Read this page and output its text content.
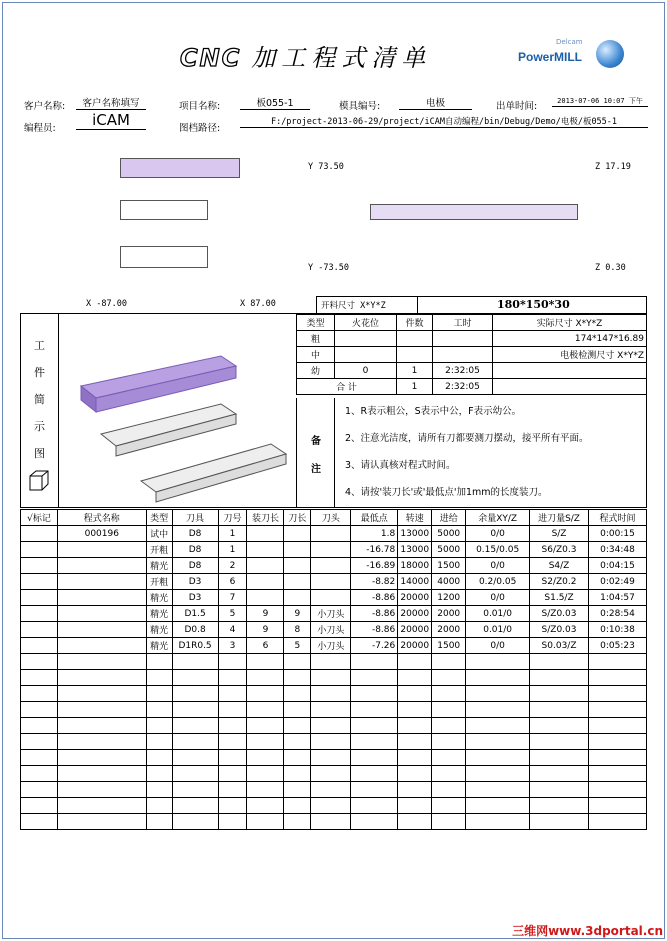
CNC 加工程式清单
Delcam
PowerMILL
客户名称:	客户名称填写	项目名称:	板055-1	模具编号:	电极	出单时间:	2013-07-06 10:07 下午
编程员:	iCAM	图档路径:
F:/project-2013-06-29/project/iCAM自动编程/bin/Debug/Demo/电极/板055-1
Y 73.50	Z 17.19
Y -73.50	Z 0.30
X -87.00	X 87.00	开料尺寸 X*Y*Z	180*150*30
工
件
简
示
图
类型	火花位	件数	工时	实际尺寸 X*Y*Z
粗				174*147*16.89
中				电极检测尺寸 X*Y*Z
幼	0	1	2:32:05	
合 计		1	2:32:05	
备
注
1、R表示粗公，S表示中公，F表示幼公。
2、注意光洁度，请所有刀都要测刀摆动，接平所有平面。
3、请认真核对程式时间。
4、请按'装刀长'或'最低点'加1mm的长度装刀。
√标记	程式名称	类型	刀具	刀号	装刀长	刀长	刀头	最低点	转速	进给	余量XY/Z	进刀量S/Z	程式时间
	000196	试中	D8	1				1.8	13000	5000	0/0	S/Z	0:00:15
		开粗	D8	1				-16.78	13000	5000	0.15/0.05	S6/Z0.3	0:34:48
		精光	D8	2				-16.89	18000	1500	0/0	S4/Z	0:04:15
		开粗	D3	6				-8.82	14000	4000	0.2/0.05	S2/Z0.2	0:02:49
		精光	D3	7				-8.86	20000	1200	0/0	S1.5/Z	1:04:57
		精光	D1.5	5	9	9	小刀头	-8.86	20000	2000	0.01/0	S/Z0.03	0:28:54
		精光	D0.8	4	9	8	小刀头	-8.86	20000	2000	0.01/0	S/Z0.03	0:10:38
		精光	D1R0.5	3	6	5	小刀头	-7.26	20000	1500	0/0	S0.03/Z	0:05:23

三维网www.3dportal.cn
